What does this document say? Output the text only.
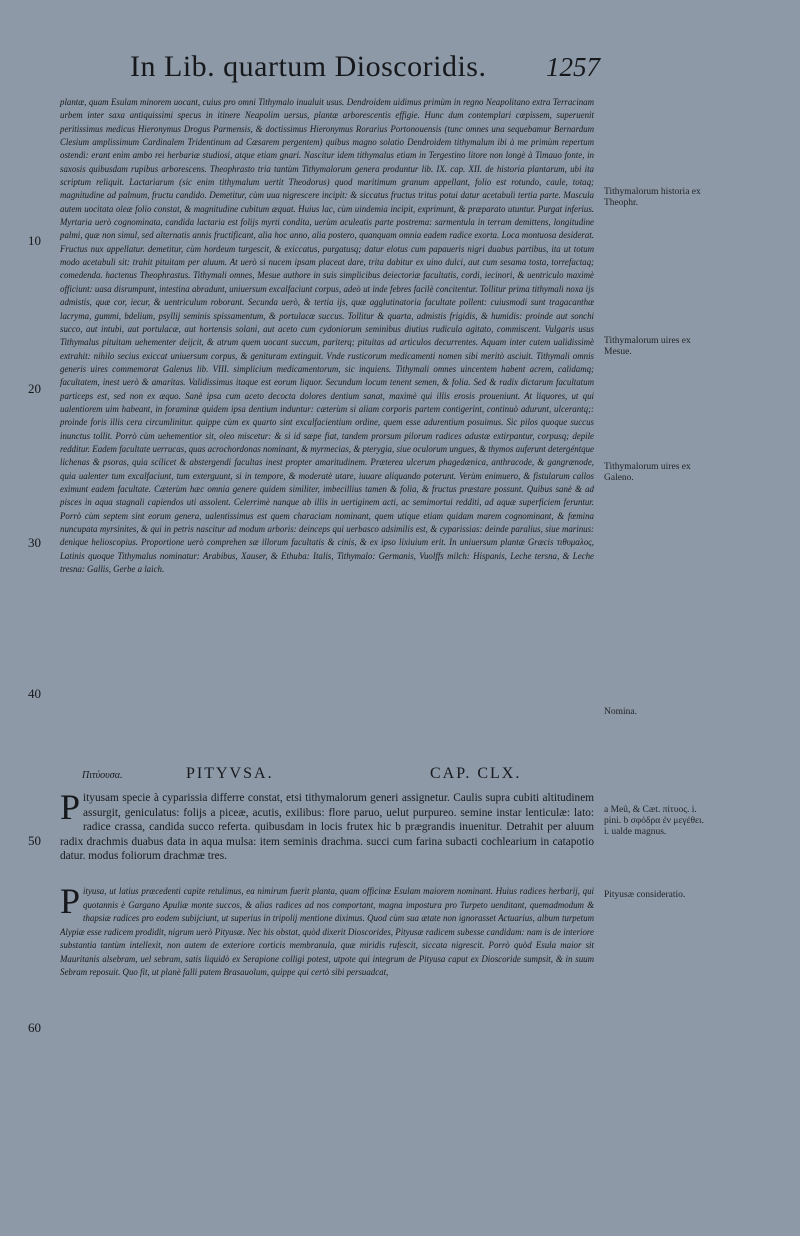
In Lib. quartum Dioscoridis. 1257

plantæ, quam Esulam minorem uocant, cuius pro omni Tithymalo inualuit usus. Dendroidem uidimus primùm in regno Neapolitano extra Terracinam urbem inter saxa antiquissimi specus in itinere Neapolim uersus, plantæ arborescentis effigie. Hunc dum contemplari cœpissem, superuenit peritissimus medicus Hieronymus Drogus Parmensis, & doctissimus Hieronymus Rorarius Portonouensis (tunc omnes una sequebamur Bernardum Clesium amplissimum Cardinalem Tridentinum ad Cæsarem pergentem) quibus magno solatio Dendroidem tithymalum ibi à me primùm repertum ostendi: erant enim ambo rei herbariæ studiosi, atque etiam gnari. Nascitur idem tithymalus etiam in Tergestino litore non longè à Timauo fonte, in saxosis quibusdam rupibus arborescens. Theophrasto tria tantùm Tithymalorum genera produntur lib. IX. cap. XII. de historia plantarum, ubi ita scriptum reliquit. Lactariarum (sic enim tithymalum uertit Theodorus) quod maritimum granum appellant, folio est rotundo, caule, totaq; magnitudine ad palmum, fructu candido. Demetitur, cùm uua nigrescere incipit: & siccatus fructus tritus potui datur acetabuli tertia parte. Mascula autem uocitata oleæ folio constat, & magnitudine cubitum æquat. Huius lac, cùm uindemia incipit, exprimunt, & præparato utuntur. Purgat inferius. Myrtaria uerò cognominata, candida lactaria est folijs myrti condita, uerùm aculeatis parte postrema: sarmentula in terram demittens, longitudine palmi, quæ non simul, sed alternatis annis fructificant, alia hoc anno, alia postero, quanquam omnia eadem radice exorta. Loca montuosa desiderat. Fructus nux appellatur. demetitur, cùm hordeum turgescit, & exiccatus, purgatusq; datur elotus cum papaueris nigri duabus partibus, ita ut totum modo acetabuli sit: trahit pituitam per aluum. At uerò si nucem ipsam placeat dare, trita dabitur ex uino dulci, aut cum sesama tosta, torrefactaq; comedenda. hactenus Theophrastus. Tithymali omnes, Mesue authore in suis simplicibus deiectoriæ facultatis, cordi, iecinori, & uentriculo maximè officiunt: uasa disrumpunt, intestina abradunt, uniuersum excalfaciunt corpus, adeò ut inde febres facilè concitentur. Tollitur prima tithymali noxa ijs admistis, quæ cor, iecur, & uentriculum roborant. Secunda uerò, & tertia ijs, quæ agglutinatoria facultate pollent: cuiusmodi sunt tragacanthæ lacryma, gummi, bdelium, psyllij seminis spissamentum, & portulacæ succus. Tollitur & quarta, admistis frigidis, & humidis: proinde aut sonchi succo, aut intubi, aut portulacæ, aut hortensis solani, aut aceto cum cydoniorum seminibus diutius rudicula agitato, commiscent. Vulgaris usus Tithymalus pituitam uehementer deijcit, & atrum quem uocant succum, pariterq; pituitas ad articulos decurrentes. Aquam inter cutem ualidissimè extrahit: nihilo secius exiccat uniuersum corpus, & genituram extinguit. Vnde rusticorum medicamenti nomen sibi meritò asciuit. Tithymali omnis generis uires commemorat Galenus lib. VIII. simplicium medicamentorum, sic inquiens. Tithymali omnes uincentem habent acrem, calidamq; facultatem, inest uerò & amaritas. Validissimus itaque est eorum liquor. Secundum locum tenent semen, & folia. Sed & radix dictarum facultatum particeps est, sed non ex æquo. Sanè ipsa cum aceto decocta dolores dentium sanat, maximè qui illis erosis proueniunt. At liquores, ut qui ualentiorem uim habeant, in foraminæ quidem ipsa dentium induntur: cæterùm si aliam corporis partem contigerint, continuò adurunt, ulcerantq;: proinde foris illis cera circumlinitur. quippe cùm ex quarto sint excalfacientium ordine, quem esse adurentium posuimus. Sic pilos quoque succus inunctus tollit. Porrò cùm uehementior sit, oleo miscetur: & si id sæpe fiat, tandem prorsum pilorum radices adustæ extirpantur, corpusq; depile redditur. Eadem facultate uerrucas, quas acrochordonas nominant, & myrmecias, & pterygia, siue oculorum ungues, & thymos auferunt detergéntque lichenas & psoras, quia scilicet & abstergendi facultas inest propter amaritudinem. Præterea ulcerum phagedænica, anthracode, & gangrænode, quia ualenter tum excalfaciunt, tum exterguunt, si in tempore, & moderatè utare, iuuare aliquando poterunt. Verùm enimuero, & fistularum callos eximunt eadem facultate. Cæterùm hæc omnia genere quidem similiter, imbecillius tamen & folia, & fructus præstare possunt. Quibus sanè & ad pisces in aqua stagnali capiendos uti assolent. Celerrimè nanque ab illis in uertiginem acti, ac semimortui redditi, ad aquæ superficiem feruntur. Porrò cùm septem sint eorum genera, ualentissimus est quem characiam nominant, quem utique etiam quidam marem cognominant, & fœmina nuncupata myrsinites, & qui in petris nascitur ad modum arboris: deinceps qui uerbasco adsimilis est, & cyparissias: deinde paralius, siue marinus: denique helioscopius. Proportione uerò comprehen sæ illorum facultatis & cinis, & ex ipso lixiuium erit. In uniuersum plantæ Græcis τιθυμαλος, Latinis quoque Tithymalus nominatur: Arabibus, Xauser, & Ethuba: Italis, Tithymalo: Germanis, Vuolffs milch: Hispanis, Leche tersna, & Leche tresna: Gallis, Gerbe a laich.

Πιτύουσα.	PITYVSA.	CAP. CLX.

Pityusam specie à cyparissia differre constat, etsi tithymalorum generi assignetur. Caulis supra cubiti altitudinem assurgit, geniculatus: folijs a piceæ, acutis, exilibus: flore paruo, uelut purpureo. semine instar lenticulæ: lato: radice crassa, candida succo referta. quibusdam in locis frutex hic b prægrandis inuenitur. Detrahit per aluum radix drachmis duabus data in aqua mulsa: item seminis drachma. succi cum farina subacti cochlearium in catapotio datur. modus foliorum drachmæ tres.

Pityusa, ut latius præcedenti capite retulimus, ea nimirum fuerit planta, quam officinæ Esulam maiorem nominant. Huius radices herbarij, qui quotannis è Gargano Apuliæ monte succos, & alias radices ad nos comportant, magna impostura pro Turpeto uenditant, quemadmodum & thapsiæ radices pro eodem subijciunt, ut superius in tripolij mentione diximus. Quod cùm sua ætate non ignorasset Actuarius, album turpetum Alypiæ esse radicem prodidit, nigrum uerò Pityusæ. Nec his obstat, quòd dixerit Dioscorides, Pityusæ radicem subesse candidam: nam is de interiore substantia tantùm intellexit, non autem de exteriore corticis membranula, quæ miridis rufescit, siccata nigrescit. Porrò quòd Esula maior sit Mauritanis alsebram, uel sebram, satis liquidò ex Serapione colligi potest, utpote qui integrum de Pityusa caput ex Dioscoride sumpsit, & in suum Sebram reposuit. Quo fit, ut planè falli putem Brasauolum, quippe qui certò sibi persuadcat,

10
20
30
40
50
60
Tithymalorum historia ex Theophr.
Tithymalorum uires ex Mesue.
Tithymalorum uires ex Galeno.
Nomina.
a Meû, & Cæt. πίτυος. i. pini. b σφόδρα ἐν μεγέθει. i. ualde magnus.
Pityusæ consideratio.
